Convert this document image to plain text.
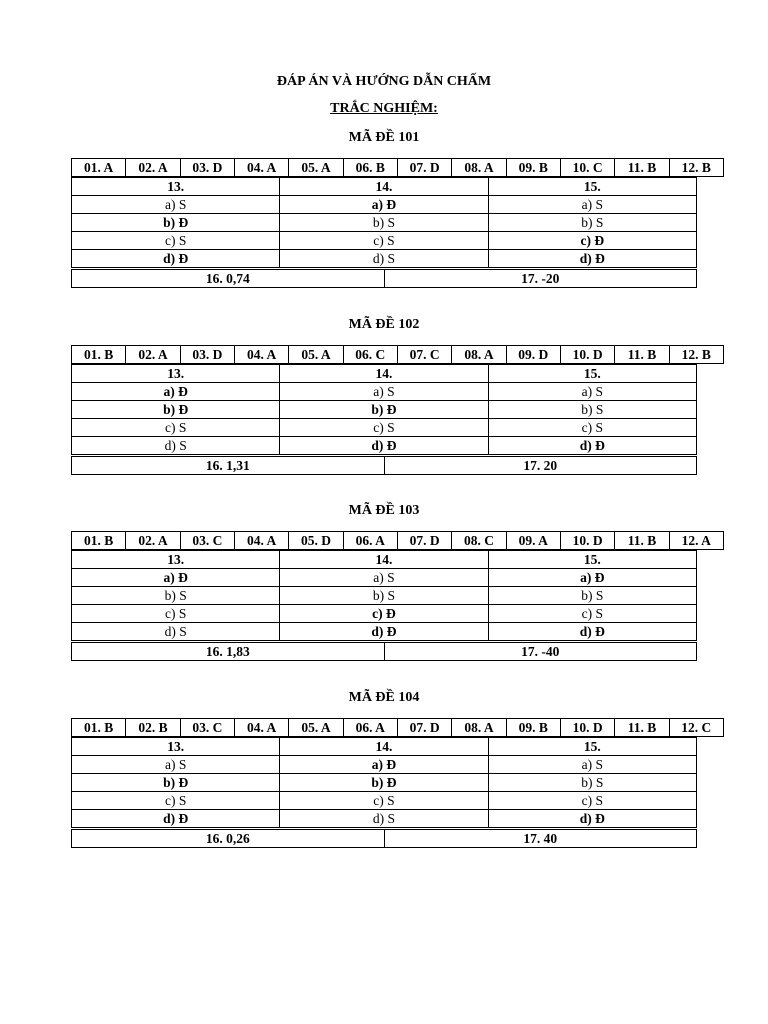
ĐÁP ÁN VÀ HƯỚNG DẪN CHẤM
TRẮC NGHIỆM:
MÃ ĐỀ 101
01. A	02. A	03. D	04. A	05. A	06. B	07. D	08. A	09. B	10. C	11. B	12. B
13.	14.	15.
a) S	a) Đ	a) S
b) Đ	b) S	b) S
c) S	c) S	c) Đ
d) Đ	d) S	d) Đ
16. 0,74	17. -20
MÃ ĐỀ 102
01. B	02. A	03. D	04. A	05. A	06. C	07. C	08. A	09. D	10. D	11. B	12. B
13.	14.	15.
a) Đ	a) S	a) S
b) Đ	b) Đ	b) S
c) S	c) S	c) S
d) S	d) Đ	d) Đ
16. 1,31	17. 20
MÃ ĐỀ 103
01. B	02. A	03. C	04. A	05. D	06. A	07. D	08. C	09. A	10. D	11. B	12. A
13.	14.	15.
a) Đ	a) S	a) Đ
b) S	b) S	b) S
c) S	c) Đ	c) S
d) S	d) Đ	d) Đ
16. 1,83	17. -40
MÃ ĐỀ 104
01. B	02. B	03. C	04. A	05. A	06. A	07. D	08. A	09. B	10. D	11. B	12. C
13.	14.	15.
a) S	a) Đ	a) S
b) Đ	b) Đ	b) S
c) S	c) S	c) S
d) Đ	d) S	d) Đ
16. 0,26	17. 40
